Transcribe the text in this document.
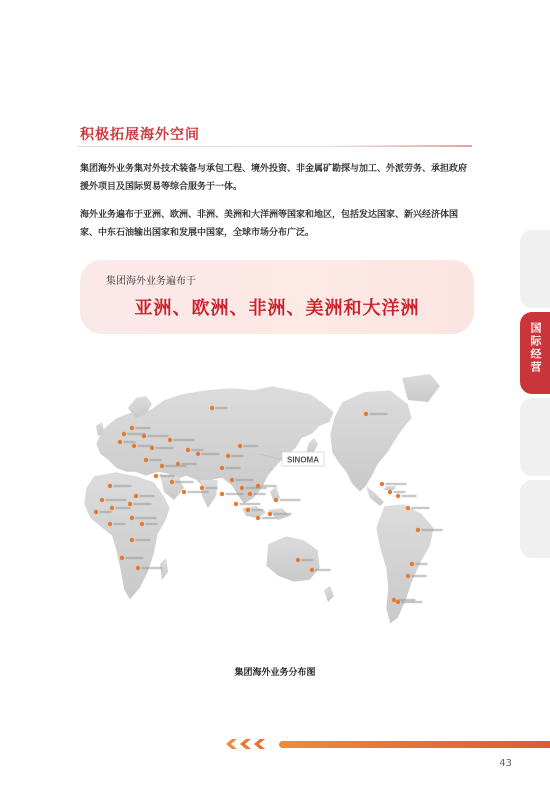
积极拓展海外空间
集团海外业务集对外技术装备与承包工程、境外投资、非金属矿勘探与加工、外派劳务、承担政府援外项目及国际贸易等综合服务于一体。
海外业务遍布于亚洲、欧洲、非洲、美洲和大洋洲等国家和地区，包括发达国家、新兴经济体国家、中东石油输出国家和发展中国家，全球市场分布广泛。
集团海外业务遍布于
亚洲、欧洲、非洲、美洲和大洋洲
SINOMA
集团海外业务分布图
国际经营
43
